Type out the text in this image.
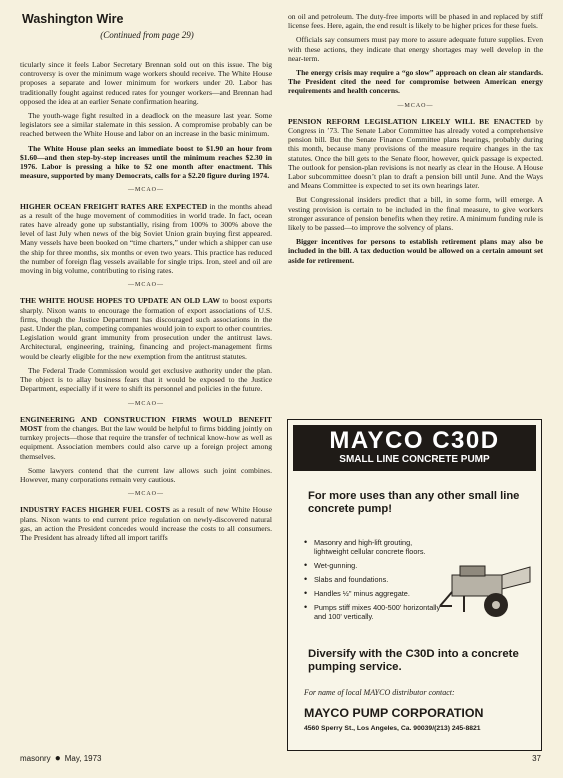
Washington Wire
(Continued from page 29)

ticularly since it feels Labor Secretary Brennan sold out on this issue. The big controversy is over the minimum wage workers should receive. The White House proposes a separate and lower minimum for workers under 20. Labor has traditionally fought against reduced rates for younger workers—and Brennan had opposed the idea at an earlier Senate confirmation hearing.

The youth-wage fight resulted in a deadlock on the measure last year. Some legislators see a similar stalemate in this session. A compromise probably can be reached between the White House and labor on an increase in the basic minimum.

The White House plan seeks an immediate boost to $1.90 an hour from $1.60—and then step-by-step increases until the minimum reaches $2.30 in 1976. Labor is pressing a hike to $2 one month after enactment. This measure, supported by many Democrats, calls for a $2.20 figure during 1974.

—MCAO—

HIGHER OCEAN FREIGHT RATES ARE EXPECTED in the months ahead as a result of the huge movement of commodities in world trade. In fact, ocean rates have already gone up substantially, rising from 100% to 300% above the level of last July when news of the big Soviet Union grain buying first appeared. Many vessels have been booked on “time charters,” under which a shipper can use the ship for three months, six months or even two years. This practice has reduced the number of foreign flag vessels available for single trips. Iron, steel and oil are moving in big volume, contributing to rising rates.

—MCAO—

THE WHITE HOUSE HOPES TO UPDATE AN OLD LAW to boost exports sharply. Nixon wants to encourage the formation of export associations of U.S. firms, though the Justice Department has discouraged such associations in the past. Under the plan, competing companies would join to export to other countries. Legislation would grant immunity from prosecution under the antitrust laws. Architectural, engineering, training, financing and project-management firms would be clearly eligible for the new exemption from the antitrust statutes.

The Federal Trade Commission would get exclusive authority under the plan. The object is to allay business fears that it would be exposed to the Justice Department, especially if it were to shift its personnel and policies in the future.

—MCAO—

ENGINEERING AND CONSTRUCTION FIRMS WOULD BENEFIT MOST from the changes. But the law would be helpful to firms bidding jointly on turnkey projects—those that require the transfer of technical know-how as well as equipment. Association members could also carve up a foreign project among themselves.

Some lawyers contend that the current law allows such joint combines. However, many corporations remain very cautious.

—MCAO—

INDUSTRY FACES HIGHER FUEL COSTS as a result of new White House plans. Nixon wants to end current price regulation on newly-discovered natural gas, an action the President concedes would increase the costs to all consumers. The President has already lifted all import tariffs

on oil and petroleum. The duty-free imports will be phased in and replaced by stiff license fees. Here, again, the end result is likely to be higher prices for these fuels.

Officials say consumers must pay more to assure adequate future supplies. Even with these actions, they indicate that energy shortages may well develop in the near-term.

The energy crisis may require a “go slow” approach on clean air standards. The President cited the need for compromise between American energy requirements and health concerns.

—MCAO—

PENSION REFORM LEGISLATION LIKELY WILL BE ENACTED by Congress in ’73. The Senate Labor Committee has already voted a comprehensive pension bill. But the Senate Finance Committee plans hearings, probably during this month, because many provisions of the measure require changes in the tax statutes. Once the bill gets to the Senate floor, however, quick passage is expected. The outlook for pension-plan revisions is not nearly as clear in the House. A House Labor subcommittee doesn’t plan to draft a pension bill until June. And the Ways and Means Committee is expected to set its own hearings later.

But Congressional insiders predict that a bill, in some form, will emerge. A vesting provision is certain to be included in the final measure, to give workers stronger assurance of pension benefits when they retire. A minimum funding rule is likely to be passed—to improve the solvency of plans.

Bigger incentives for persons to establish retirement plans may also be included in the bill. A tax deduction would be allowed on a certain amount set aside for retirement.

MAYCO C30D
SMALL LINE CONCRETE PUMP
For more uses than any other small line concrete pump!
• Masonry and high-lift grouting, lightweight cellular concrete floors.
• Wet-gunning.
• Slabs and foundations.
• Handles ½" minus aggregate.
• Pumps stiff mixes 400-500' horizontally and 100' vertically.
Diversify with the C30D into a concrete pumping service.
For name of local MAYCO distributor contact:
MAYCO PUMP CORPORATION
4560 Sperry St., Los Angeles, Ca. 90039/(213) 245-8821
masonry ● May, 1973	37
